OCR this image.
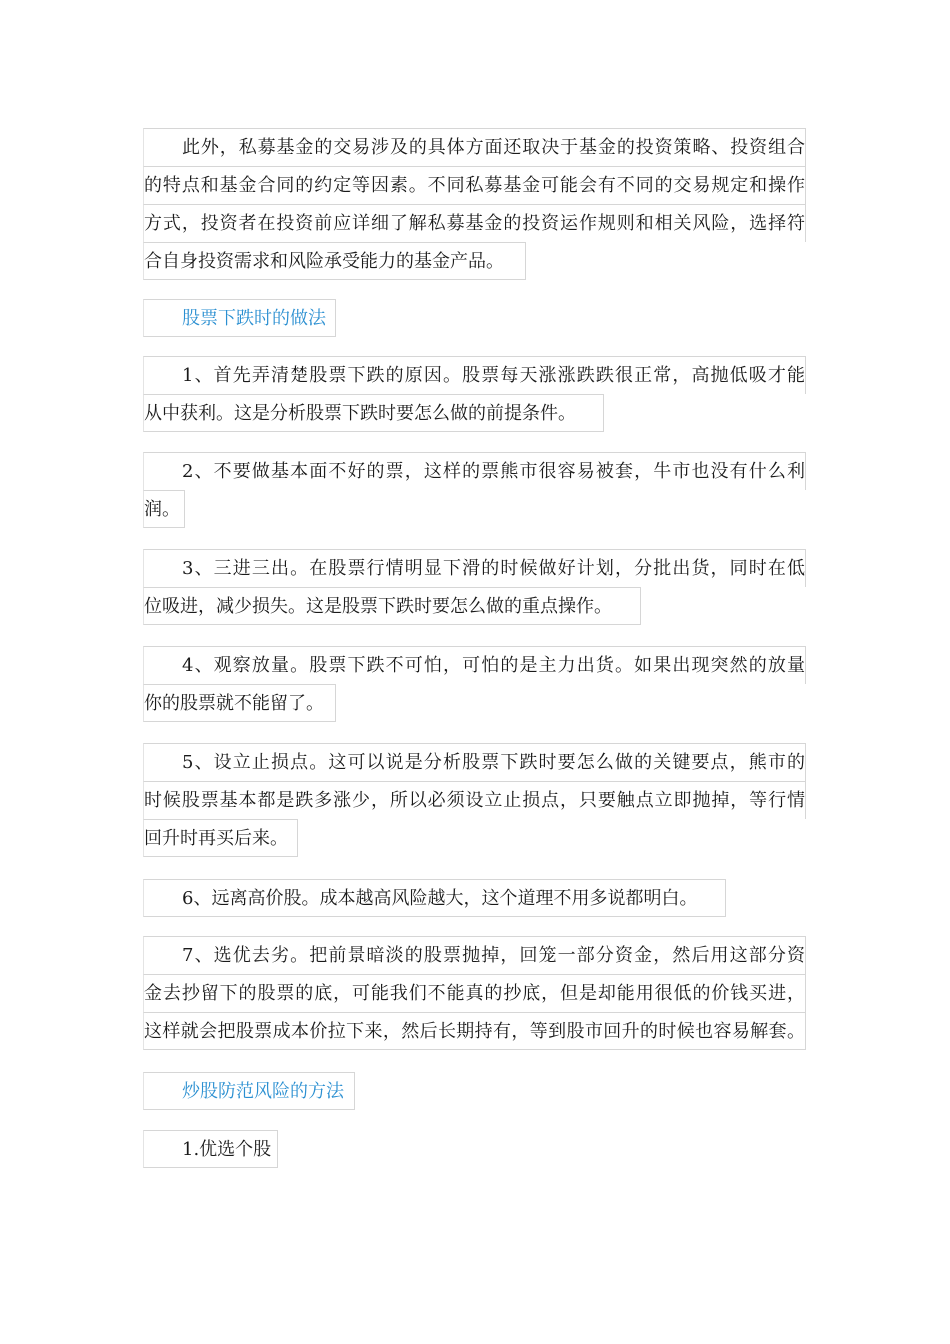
此外，私募基金的交易涉及的具体方面还取决于基金的投资策略、投资组合
的特点和基金合同的约定等因素。不同私募基金可能会有不同的交易规定和操作
方式，投资者在投资前应详细了解私募基金的投资运作规则和相关风险，选择符
合自身投资需求和风险承受能力的基金产品。
股票下跌时的做法
1、首先弄清楚股票下跌的原因。股票每天涨涨跌跌很正常，高抛低吸才能
从中获利。这是分析股票下跌时要怎么做的前提条件。
2、不要做基本面不好的票，这样的票熊市很容易被套，牛市也没有什么利
润。
3、三进三出。在股票行情明显下滑的时候做好计划，分批出货，同时在低
位吸进，减少损失。这是股票下跌时要怎么做的重点操作。
4、观察放量。股票下跌不可怕，可怕的是主力出货。如果出现突然的放量
你的股票就不能留了。
5、设立止损点。这可以说是分析股票下跌时要怎么做的关键要点，熊市的
时候股票基本都是跌多涨少，所以必须设立止损点，只要触点立即抛掉，等行情
回升时再买后来。
6、远离高价股。成本越高风险越大，这个道理不用多说都明白。
7、选优去劣。把前景暗淡的股票抛掉，回笼一部分资金，然后用这部分资
金去抄留下的股票的底，可能我们不能真的抄底，但是却能用很低的价钱买进，
这样就会把股票成本价拉下来，然后长期持有，等到股市回升的时候也容易解套。
炒股防范风险的方法
1.优选个股
